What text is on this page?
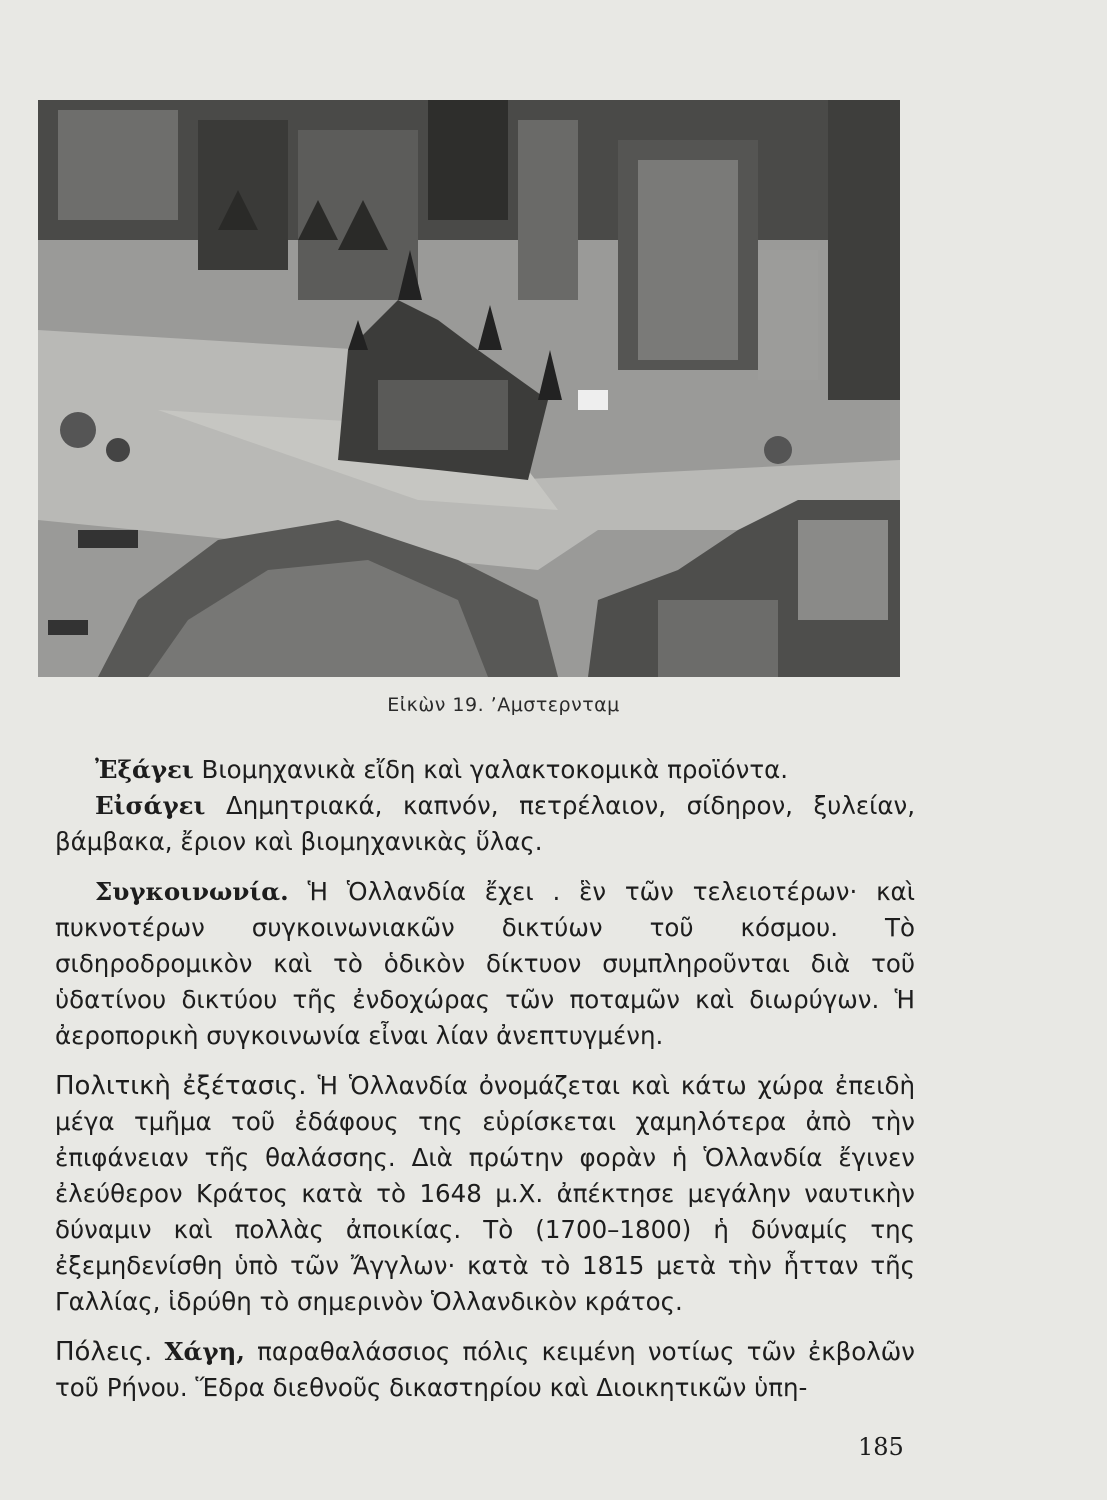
Εἰκὼν 19. ʼΑμστερνταμ

Ἐξάγει Βιομηχανικὰ εἴδη καὶ γαλακτοκομικὰ προϊόντα.

Εἰσάγει Δημητριακά, καπνόν, πετρέλαιον, σίδηρον, ξυλείαν, βάμβακα, ἔριον καὶ βιομηχανικὰς ὕλας.

Συγκοινωνία. Ἡ Ὁλλανδία ἔχει . ἓν τῶν τελειοτέρων· καὶ πυκνοτέρων συγκοινωνιακῶν δικτύων τοῦ κόσμου. Τὸ σιδηροδρομικὸν καὶ τὸ ὁδικὸν δίκτυον συμπληροῦνται διὰ τοῦ ὑδατίνου δικτύου τῆς ἐνδοχώρας τῶν ποταμῶν καὶ διωρύγων. Ἡ ἀεροπορικὴ συγκοινωνία εἶναι λίαν ἀνεπτυγμένη.

Πολιτικὴ ἐξέτασις. Ἡ Ὁλλανδία ὀνομάζεται καὶ κάτω χώρα ἐπειδὴ μέγα τμῆμα τοῦ ἐδάφους της εὑρίσκεται χαμηλότερα ἀπὸ τὴν ἐπιφάνειαν τῆς θαλάσσης. Διὰ πρώτην φορὰν ἡ Ὁλλανδία ἔγινεν ἐλεύθερον Κράτος κατὰ τὸ 1648 μ.Χ. ἀπέκτησε μεγάλην ναυτικὴν δύναμιν καὶ πολλὰς ἀποικίας. Τὸ (1700–1800) ἡ δύναμίς της ἐξεμηδενίσθη ὑπὸ τῶν Ἄγγλων· κατὰ τὸ 1815 μετὰ τὴν ἧτταν τῆς Γαλλίας, ἱδρύθη τὸ σημερινὸν Ὁλλανδικὸν κράτος.

Πόλεις. Χάγη, παραθαλάσσιος πόλις κειμένη νοτίως τῶν ἐκβολῶν τοῦ Ρήνου. Ἕδρα διεθνοῦς δικαστηρίου καὶ Διοικητικῶν ὑπη-

185
